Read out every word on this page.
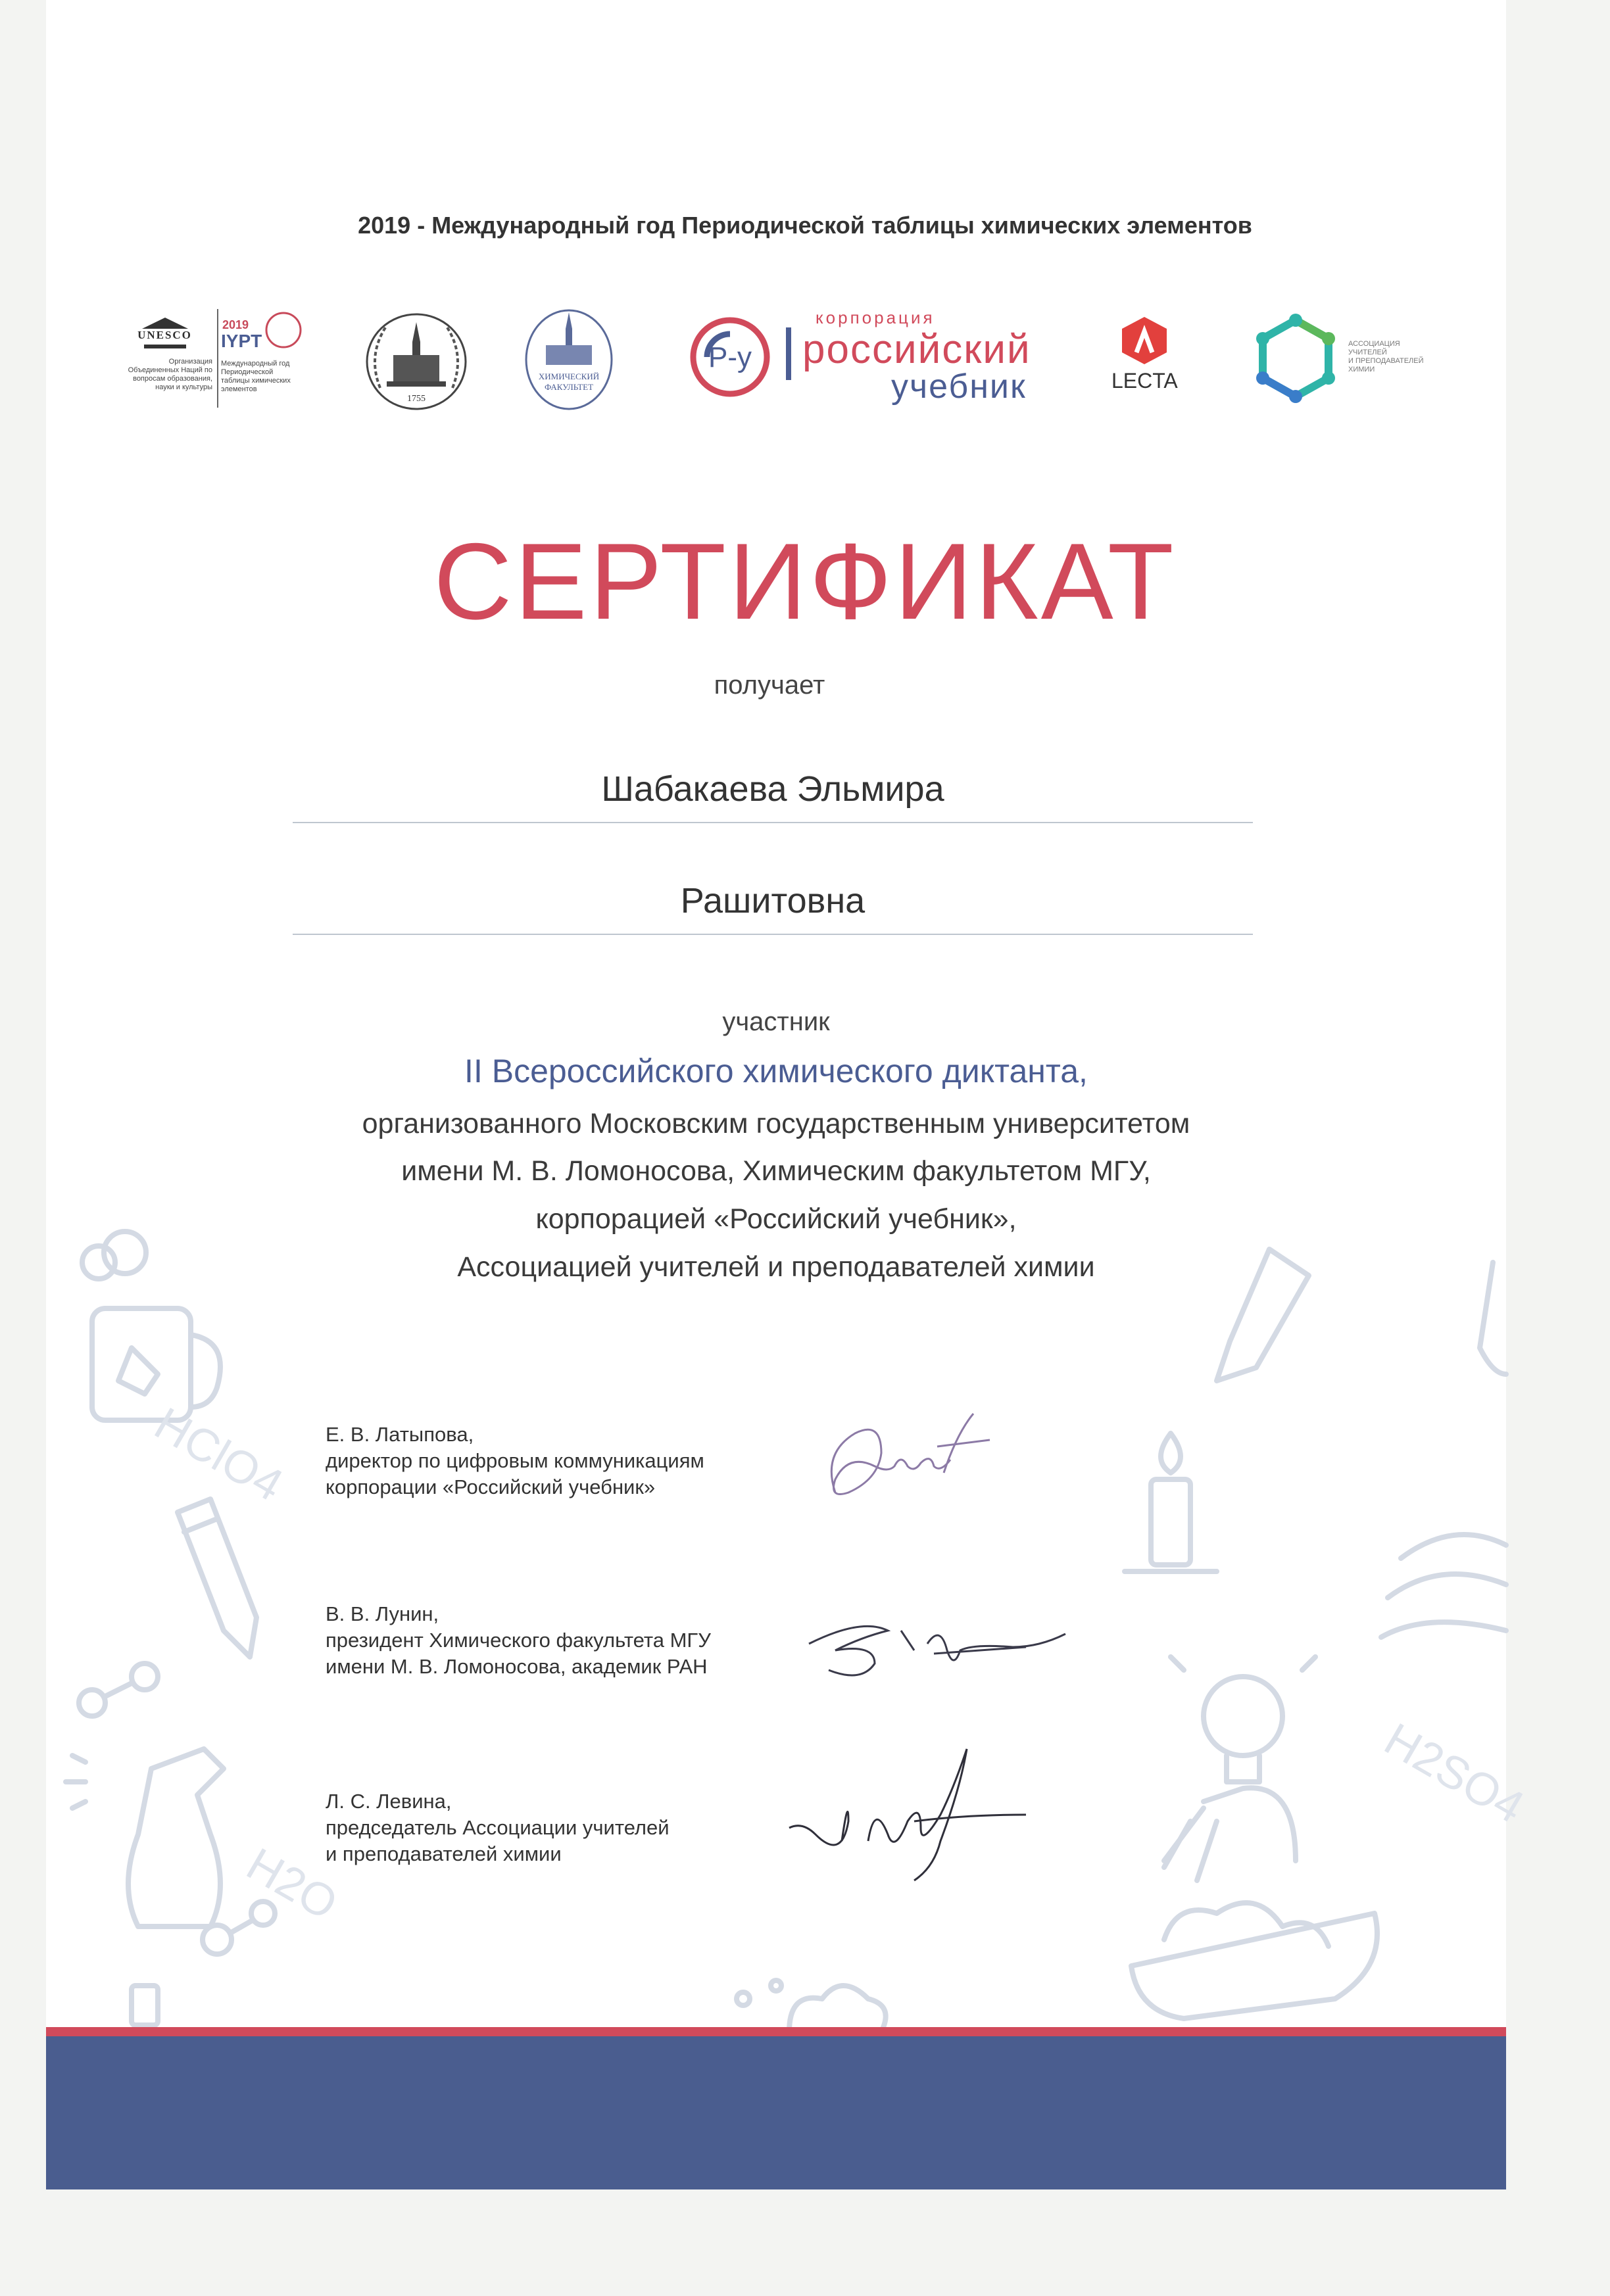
HClO4
H2O
H2SO4
2019 - Международный год Периодической таблицы химических элементов
UNESCO
Организация
Объединенных Наций по
вопросам образования,
науки и культуры
2019
IYPT
Международный год
Периодической
таблицы химических
элементов
1755
ХИМИЧЕСКИЙ
ФАКУЛЬТЕТ
P-y
корпорация
российский
учебник	LECTA
АССОЦИАЦИЯ
УЧИТЕЛЕЙ
И ПРЕПОДАВАТЕЛЕЙ
ХИМИИ
СЕРТИФИКАТ
получает
Шабакаева Эльмира
Рашитовна
участник
II Всероссийского химического диктанта,
организованного Московским государственным университетом
имени М. В. Ломоносова, Химическим факультетом МГУ,
корпорацией «Российский учебник»,
Ассоциацией учителей и преподавателей химии
Е. В. Латыпова,
директор по цифровым коммуникациям
корпорации «Российский учебник»
В. В. Лунин,
президент Химического факультета МГУ
имени М. В. Ломоносова, академик РАН
Л. С. Левина,
председатель Ассоциации учителей
и преподавателей химии
